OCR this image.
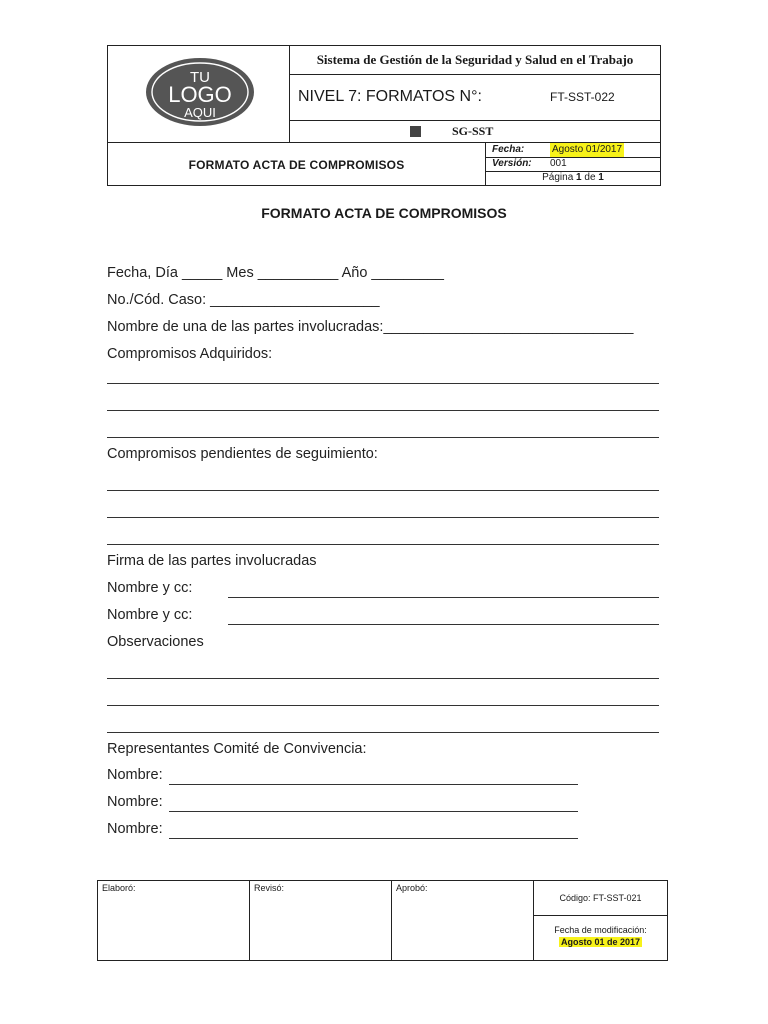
TU
LOGO
AQUI
Sistema de Gestión de la Seguridad y Salud en el Trabajo
NIVEL 7: FORMATOS N°:	FT-SST-022
SG-SST
FORMATO ACTA DE COMPROMISOS
Fecha:	Agosto 01/2017
Versión: 001
Página 1 de 1
FORMATO ACTA DE COMPROMISOS
Fecha, Día _____ Mes __________ Año _________
No./Cód. Caso: _____________________
Nombre de una de las partes involucradas:_______________________________
Compromisos Adquiridos:
Compromisos pendientes de seguimiento:
Firma de las partes involucradas
Nombre y cc:
Nombre y cc:
Observaciones
Representantes Comité de Convivencia:
Nombre:
Nombre:
Nombre:
Elaboró:	Revisó:	Aprobó:
Código: FT-SST-021
Fecha de modificación:
Agosto 01 de 2017
